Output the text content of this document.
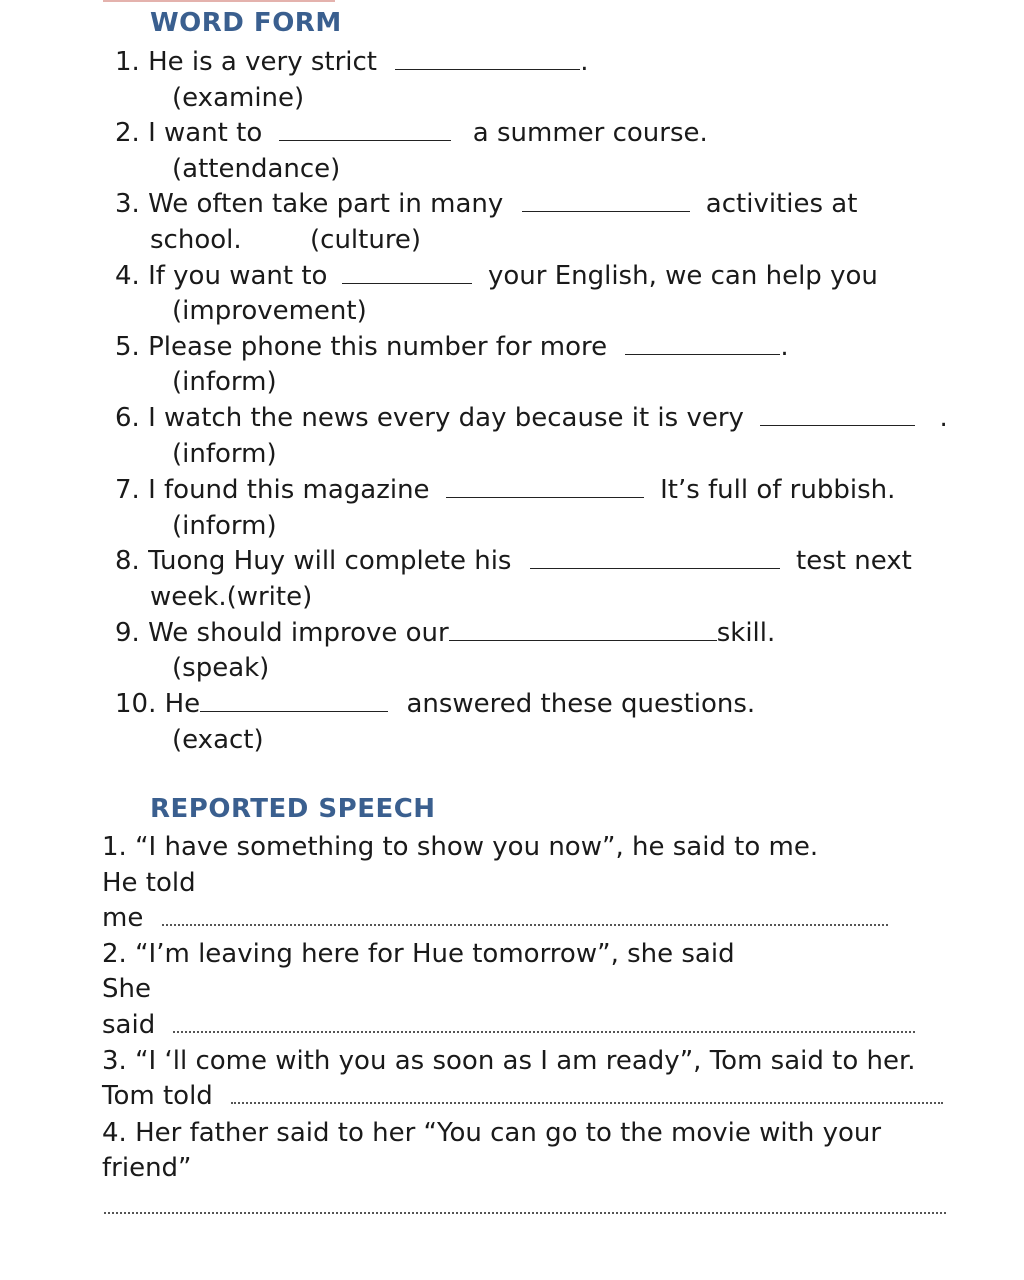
WORD FORM
1. He is a very strict	.
(examine)
2. I want to	a summer course.
(attendance)
3. We often take part in many	activities at
school.	(culture)
4. If you want to	your English, we can help you
(improvement)
5. Please phone this number for more	.
(inform)
6. I watch the news every day because it is very	.
(inform)
7. I found this magazine	It’s full of rubbish.
(inform)
8. Tuong Huy will complete his	test next
week.(write)
9. We should improve our	skill.
(speak)
10. He	answered these questions.
(exact)
REPORTED SPEECH
1. “I have something to show you now”, he said to me.
He told
me
2. “I’m leaving here for Hue tomorrow”, she said
She
said
3. “I ‘ll come with you as soon as I am ready”, Tom said to her.
Tom told
4. Her father said to her “You can go to the movie with your
friend”
